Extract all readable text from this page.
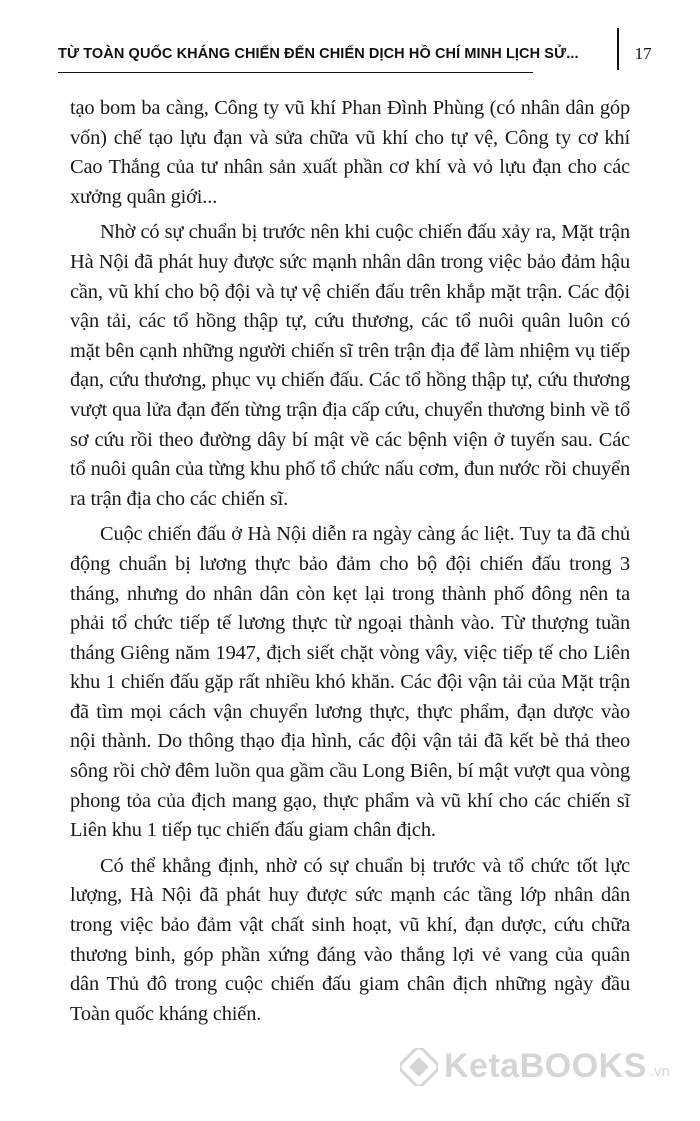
TỪ TOÀN QUỐC KHÁNG CHIẾN ĐẾN CHIẾN DỊCH HỒ CHÍ MINH LỊCH SỬ...	17

tạo bom ba càng, Công ty vũ khí Phan Đình Phùng (có nhân dân góp vốn) chế tạo lựu đạn và sửa chữa vũ khí cho tự vệ, Công ty cơ khí Cao Thắng của tư nhân sản xuất phần cơ khí và vỏ lựu đạn cho các xưởng quân giới...

Nhờ có sự chuẩn bị trước nên khi cuộc chiến đấu xảy ra, Mặt trận Hà Nội đã phát huy được sức mạnh nhân dân trong việc bảo đảm hậu cần, vũ khí cho bộ đội và tự vệ chiến đấu trên khắp mặt trận. Các đội vận tải, các tổ hồng thập tự, cứu thương, các tổ nuôi quân luôn có mặt bên cạnh những người chiến sĩ trên trận địa để làm nhiệm vụ tiếp đạn, cứu thương, phục vụ chiến đấu. Các tổ hồng thập tự, cứu thương vượt qua lửa đạn đến từng trận địa cấp cứu, chuyển thương binh về tổ sơ cứu rồi theo đường dây bí mật về các bệnh viện ở tuyến sau. Các tổ nuôi quân của từng khu phố tổ chức nấu cơm, đun nước rồi chuyển ra trận địa cho các chiến sĩ.

Cuộc chiến đấu ở Hà Nội diễn ra ngày càng ác liệt. Tuy ta đã chủ động chuẩn bị lương thực bảo đảm cho bộ đội chiến đấu trong 3 tháng, nhưng do nhân dân còn kẹt lại trong thành phố đông nên ta phải tổ chức tiếp tế lương thực từ ngoại thành vào. Từ thượng tuần tháng Giêng năm 1947, địch siết chặt vòng vây, việc tiếp tế cho Liên khu 1 chiến đấu gặp rất nhiều khó khăn. Các đội vận tải của Mặt trận đã tìm mọi cách vận chuyển lương thực, thực phẩm, đạn dược vào nội thành. Do thông thạo địa hình, các đội vận tải đã kết bè thả theo sông rồi chờ đêm luồn qua gầm cầu Long Biên, bí mật vượt qua vòng phong tỏa của địch mang gạo, thực phẩm và vũ khí cho các chiến sĩ Liên khu 1 tiếp tục chiến đấu giam chân địch.

Có thể khẳng định, nhờ có sự chuẩn bị trước và tổ chức tốt lực lượng, Hà Nội đã phát huy được sức mạnh các tầng lớp nhân dân trong việc bảo đảm vật chất sinh hoạt, vũ khí, đạn dược, cứu chữa thương binh, góp phần xứng đáng vào thắng lợi vẻ vang của quân dân Thủ đô trong cuộc chiến đấu giam chân địch những ngày đầu Toàn quốc kháng chiến.

KetaBOOKS .vn
